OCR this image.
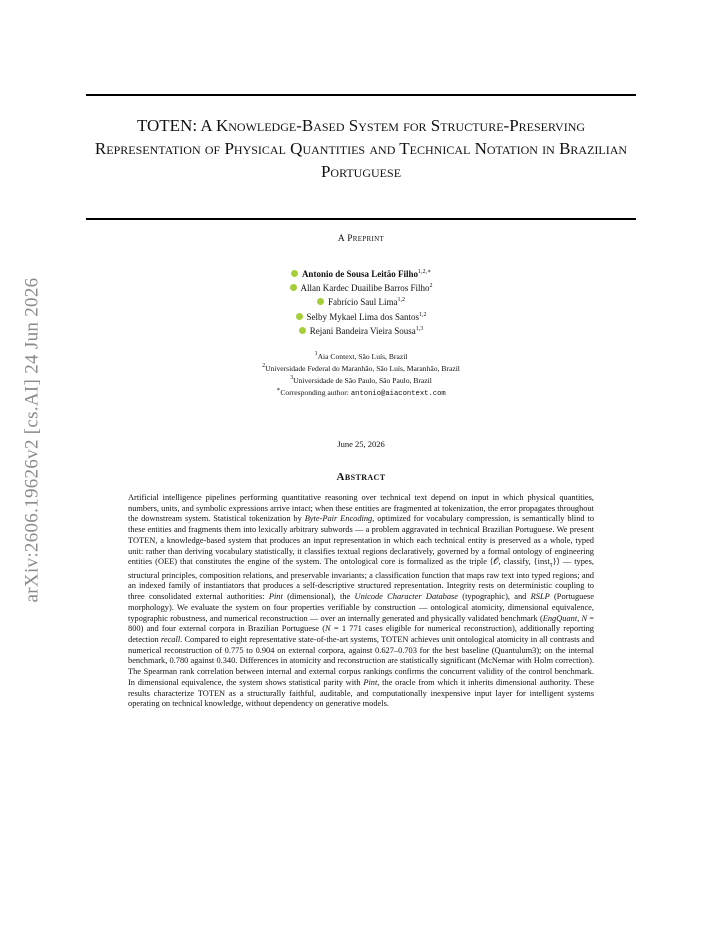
arXiv:2606.19626v2 [cs.AI] 24 Jun 2026
TOTEN: A Knowledge-Based System for Structure-Preserving Representation of Physical Quantities and Technical Notation in Brazilian Portuguese
A Preprint
Antonio de Sousa Leitão Filho$^{1,2,∗}$
Allan Kardec Duailibe Barros Filho$^2$
Fabrício Saul Lima$^{1,2}$
Selby Mykael Lima dos Santos$^{1,2}$
Rejani Bandeira Vieira Sousa$^{1,3}$
$^1$Aia Context, São Luís, Brazil
$^2$Universidade Federal do Maranhão, São Luís, Maranhão, Brazil
$^3$Universidade de São Paulo, São Paulo, Brazil
∗Corresponding author: antonio@aiacontext.com
June 25, 2026
Abstract

Artificial intelligence pipelines performing quantitative reasoning over technical text depend on input in which physical quantities, numbers, units, and symbolic expressions arrive intact; when these entities are fragmented at tokenization, the error propagates throughout the downstream system. Statistical tokenization by Byte-Pair Encoding, optimized for vocabulary compression, is semantically blind to these entities and fragments them into lexically arbitrary subwords — a problem aggravated in technical Brazilian Portuguese. We present TOTEN, a knowledge-based system that produces an input representation in which each technical entity is preserved as a whole, typed unit: rather than deriving vocabulary statistically, it classifies textual regions declaratively, governed by a formal ontology of engineering entities (OEE) that constitutes the engine of the system. The ontological core is formalized as the triple ⟨𝒪, classify, {inst$_\tau$}⟩ — types, structural principles, composition relations, and preservable invariants; a classification function that maps raw text into typed regions; and an indexed family of instantiators that produces a self-descriptive structured representation. Integrity rests on deterministic coupling to three consolidated external authorities: Pint (dimensional), the Unicode Character Database (typographic), and RSLP (Portuguese morphology). We evaluate the system on four properties verifiable by construction — ontological atomicity, dimensional equivalence, typographic robustness, and numerical reconstruction — over an internally generated and physically validated benchmark (EngQuant, N = 800) and four external corpora in Brazilian Portuguese (N = 1 771 cases eligible for numerical reconstruction), additionally reporting detection recall. Compared to eight representative state-of-the-art systems, TOTEN achieves unit ontological atomicity in all contrasts and numerical reconstruction of 0.775 to 0.904 on external corpora, against 0.627–0.703 for the best baseline (Quantulum3); on the internal benchmark, 0.780 against 0.340. Differences in atomicity and reconstruction are statistically significant (McNemar with Holm correction). The Spearman rank correlation between internal and external corpus rankings confirms the concurrent validity of the control benchmark. In dimensional equivalence, the system shows statistical parity with Pint, the oracle from which it inherits dimensional authority. These results characterize TOTEN as a structurally faithful, auditable, and computationally inexpensive input layer for intelligent systems operating on technical knowledge, without dependency on generative models.
